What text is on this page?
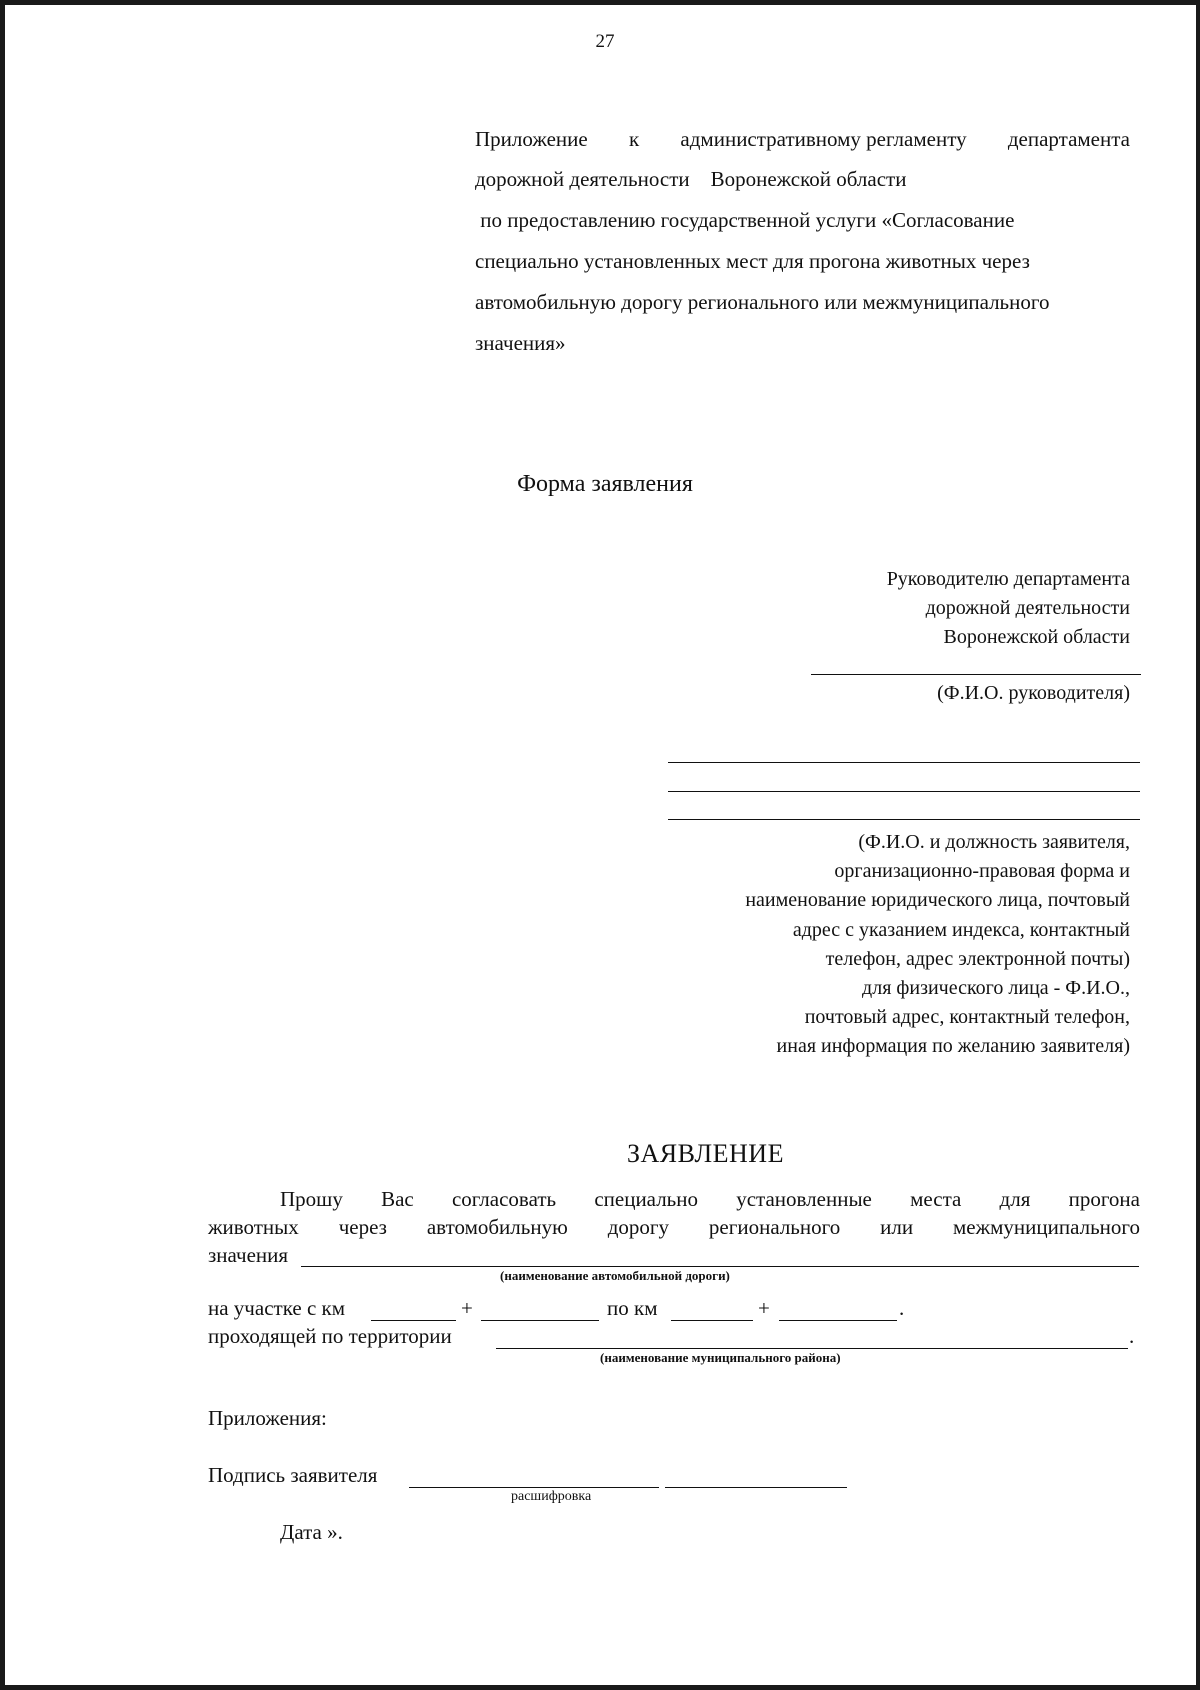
27
Приложение к административному регламенту департамента
дорожной деятельности    Воронежской области
по предоставлению государственной услуги «Согласование
специально установленных мест для прогона животных через
автомобильную дорогу регионального или межмуниципального
значения»
Форма заявления
Руководителю департамента
дорожной деятельности
Воронежской области
(Ф.И.О. руководителя)
(Ф.И.О. и должность заявителя,
организационно-правовая форма и
наименование юридического лица, почтовый
адрес с указанием индекса, контактный
телефон, адрес электронной почты)
для физического лица - Ф.И.О.,
почтовый адрес, контактный телефон,
иная информация по желанию заявителя)
ЗАЯВЛЕНИЕ
Прошу Вас согласовать специально установленные места для прогона
животных через автомобильную дорогу регионального или межмуниципального
значения
(наименование автомобильной дороги)
на участке с км	+	по км	+	.
проходящей по территории	.
(наименование муниципального района)
Приложения:
Подпись заявителя
расшифровка
Дата ».
